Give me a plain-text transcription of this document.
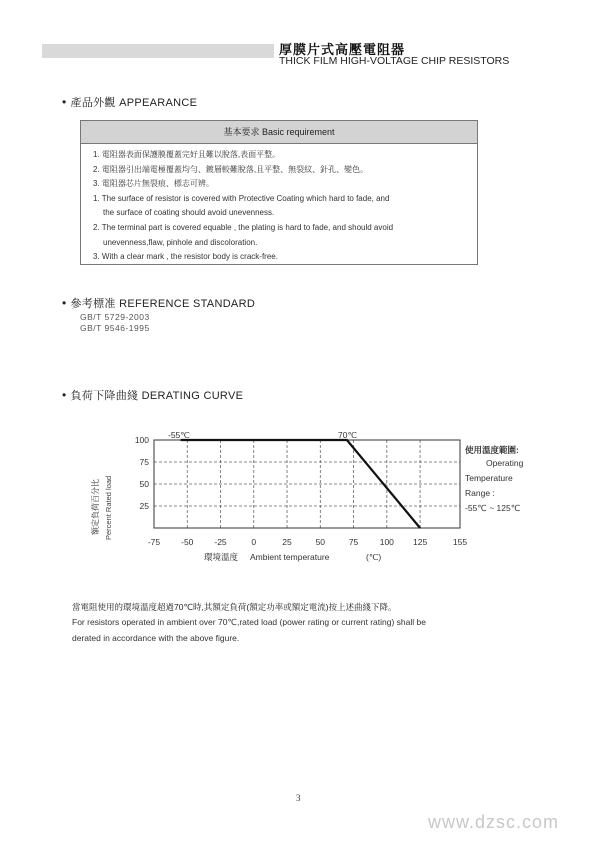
厚膜片式高壓電阻器
THICK FILM HIGH-VOLTAGE CHIP RESISTORS
• 產品外觀 APPEARANCE
基本要求 Basic requirement
1. 電阻器表面保護膜覆蓋完好且難以脫落,表面平整。
2. 電阻器引出端電極覆蓋均勻、鍍層較難脫落,且平整、無裂紋、針孔、變色。
3. 電阻器芯片無裂痕、標志可辨。
1. The surface of resistor is covered with Protective Coating which hard to fade, and
the surface of coating should avoid unevenness.
2. The terminal part is covered equable , the plating is hard to fade, and should avoid
unevenness,flaw, pinhole and discoloration.
3. With a clear mark , the resistor body is crack-free.
• 參考標准 REFERENCE STANDARD
GB/T 5729-2003
GB/T 9546-1995
• 負荷下降曲綫 DERATING CURVE
100
75
50
25
-75 -50 -25	0	25	50	75	100 125	155
-55℃	70℃
額定負荷百分比 Percent Rated load
環境溫度 Ambient temperature	(℃)
使用溫度範圍:
Operating
Temperature
Range :
-55℃ ~ 125℃
當電阻使用的環境溫度超過70℃時,其額定負荷(額定功率或額定電流)按上述曲綫下降。
For resistors operated in ambient over 70℃,rated load (power rating or current rating) shall be
derated in accordance with the above figure.
3
www.dzsc.com
